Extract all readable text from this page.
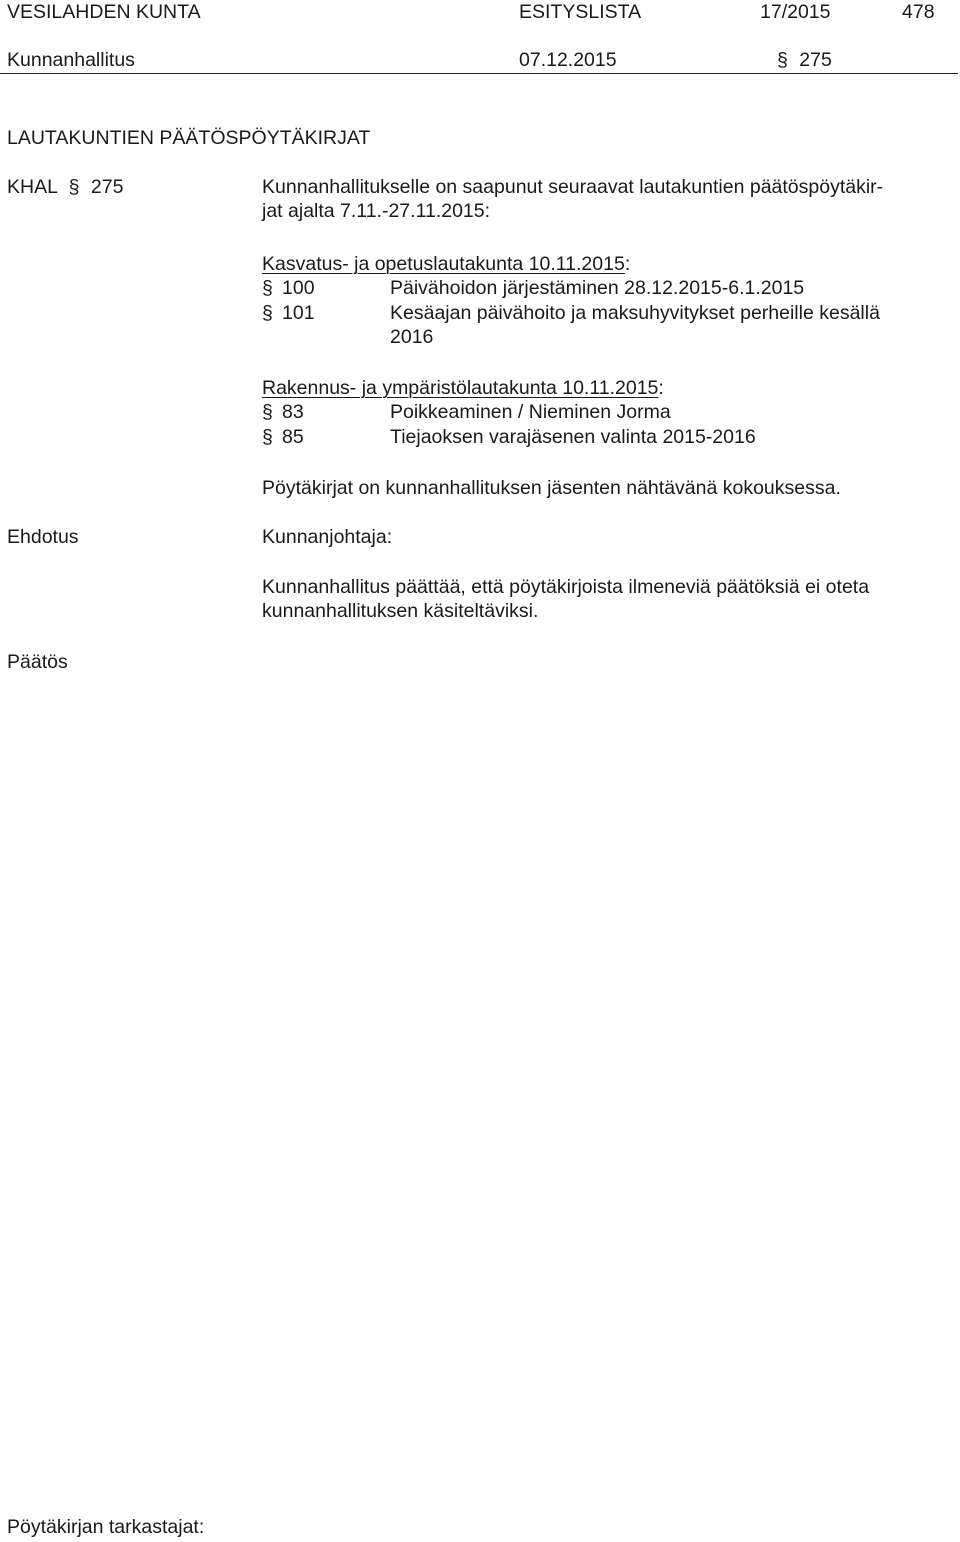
VESILAHDEN KUNTA	ESITYSLISTA	17/2015	478
Kunnanhallitus	07.12.2015	§ 275
LAUTAKUNTIEN PÄÄTÖSPÖYTÄKIRJAT
KHAL § 275	Kunnanhallitukselle on saapunut seuraavat lautakuntien päätöspöytäkir-
jat ajalta 7.11.-27.11.2015:
Kasvatus- ja opetuslautakunta 10.11.2015:
§ 100	Päivähoidon järjestäminen 28.12.2015-6.1.2015
§ 101	Kesäajan päivähoito ja maksuhyvitykset perheille kesällä
2016
Rakennus- ja ympäristölautakunta 10.11.2015:
§ 83	Poikkeaminen / Nieminen Jorma
§ 85	Tiejaoksen varajäsenen valinta 2015-2016
Pöytäkirjat on kunnanhallituksen jäsenten nähtävänä kokouksessa.
Ehdotus	Kunnanjohtaja:
Kunnanhallitus päättää, että pöytäkirjoista ilmeneviä päätöksiä ei oteta
kunnanhallituksen käsiteltäviksi.
Päätös
Pöytäkirjan tarkastajat:
